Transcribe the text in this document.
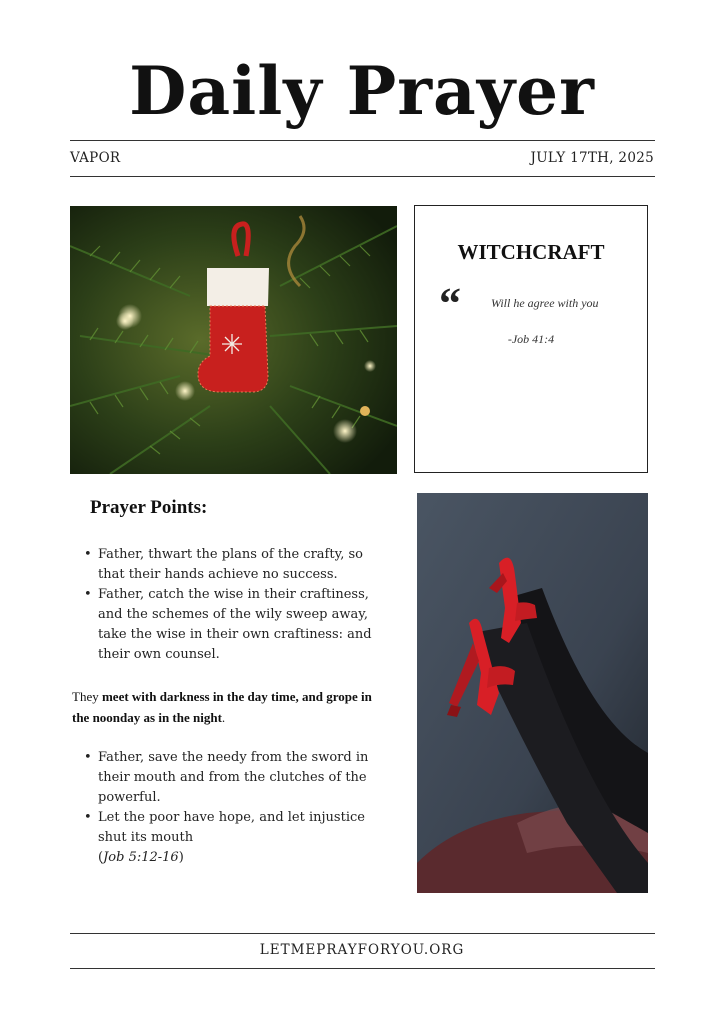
Daily Prayer
VAPOR	JULY 17TH, 2025
WITCHCRAFT
“	Will he agree with you
-Job 41:4
Prayer Points:
• Father, thwart the plans of the crafty, so that their hands achieve no success.
• Father, catch the wise in their craftiness, and the schemes of the wily sweep away, take the wise in their own craftiness: and their own counsel.
They meet with darkness in the day time, and grope in the noonday as in the night.
• Father, save the needy from the sword in their mouth and from the clutches of the powerful.
• Let the poor have hope, and let injustice shut its mouth
(Job 5:12-16)
LETMEPRAYFORYOU.ORG
